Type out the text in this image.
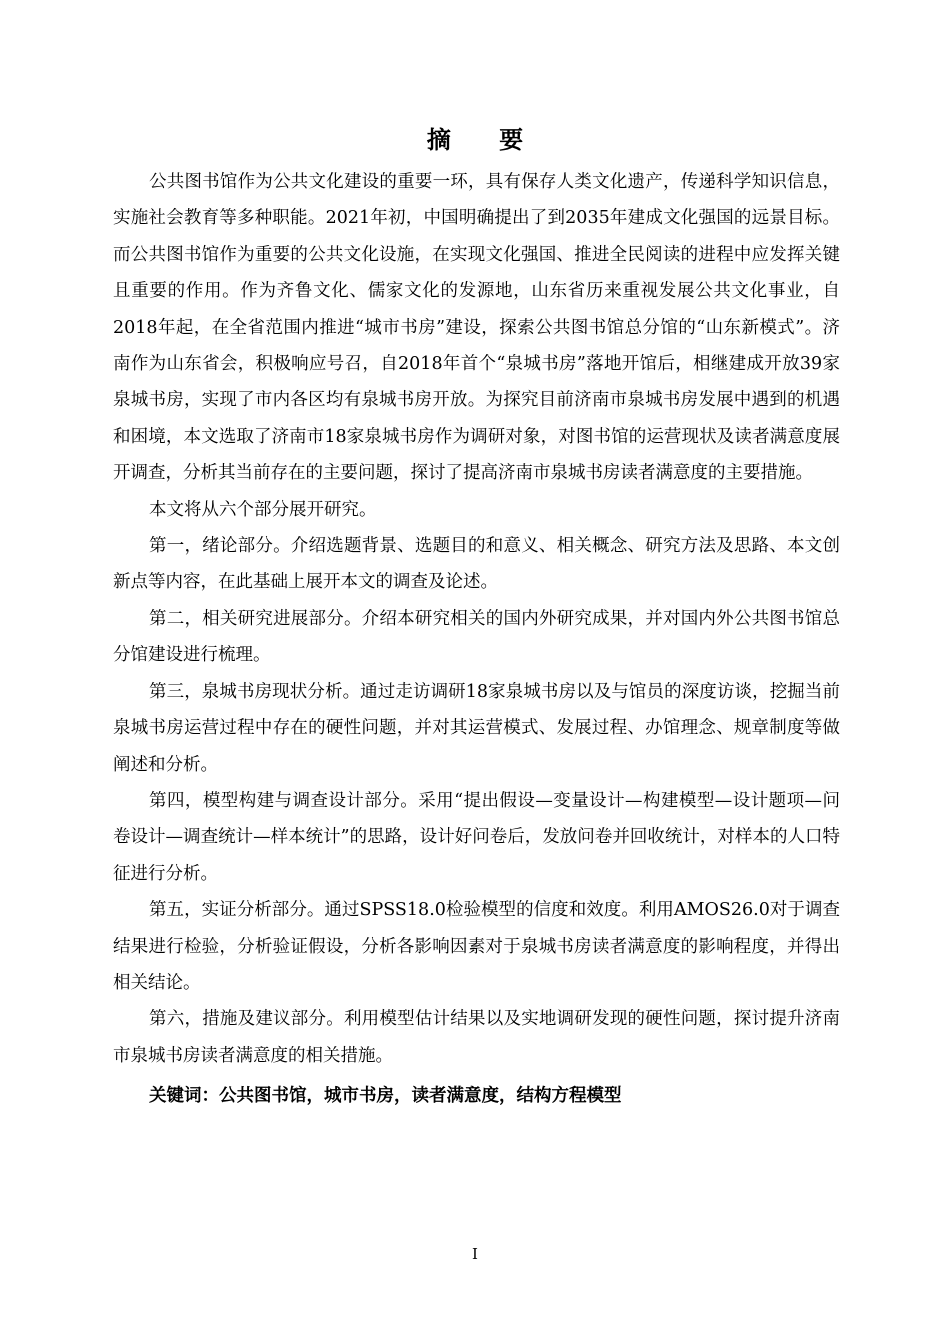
摘 要

公共图书馆作为公共文化建设的重要一环，具有保存人类文化遗产，传递科学知识信息，实施社会教育等多种职能。2021年初，中国明确提出了到2035年建成文化强国的远景目标。而公共图书馆作为重要的公共文化设施，在实现文化强国、推进全民阅读的进程中应发挥关键且重要的作用。作为齐鲁文化、儒家文化的发源地，山东省历来重视发展公共文化事业，自2018年起，在全省范围内推进“城市书房”建设，探索公共图书馆总分馆的“山东新模式”。济南作为山东省会，积极响应号召，自2018年首个“泉城书房”落地开馆后，相继建成开放39家泉城书房，实现了市内各区均有泉城书房开放。为探究目前济南市泉城书房发展中遇到的机遇和困境，本文选取了济南市18家泉城书房作为调研对象，对图书馆的运营现状及读者满意度展开调查，分析其当前存在的主要问题，探讨了提高济南市泉城书房读者满意度的主要措施。

本文将从六个部分展开研究。

第一，绪论部分。介绍选题背景、选题目的和意义、相关概念、研究方法及思路、本文创新点等内容，在此基础上展开本文的调查及论述。

第二，相关研究进展部分。介绍本研究相关的国内外研究成果，并对国内外公共图书馆总分馆建设进行梳理。

第三，泉城书房现状分析。通过走访调研18家泉城书房以及与馆员的深度访谈，挖掘当前泉城书房运营过程中存在的硬性问题，并对其运营模式、发展过程、办馆理念、规章制度等做阐述和分析。

第四，模型构建与调查设计部分。采用“提出假设—变量设计—构建模型—设计题项—问卷设计—调查统计—样本统计”的思路，设计好问卷后，发放问卷并回收统计，对样本的人口特征进行分析。

第五，实证分析部分。通过SPSS18.0检验模型的信度和效度。利用AMOS26.0对于调查结果进行检验，分析验证假设，分析各影响因素对于泉城书房读者满意度的影响程度，并得出相关结论。

第六，措施及建议部分。利用模型估计结果以及实地调研发现的硬性问题，探讨提升济南市泉城书房读者满意度的相关措施。

关键词：公共图书馆，城市书房，读者满意度，结构方程模型

I
